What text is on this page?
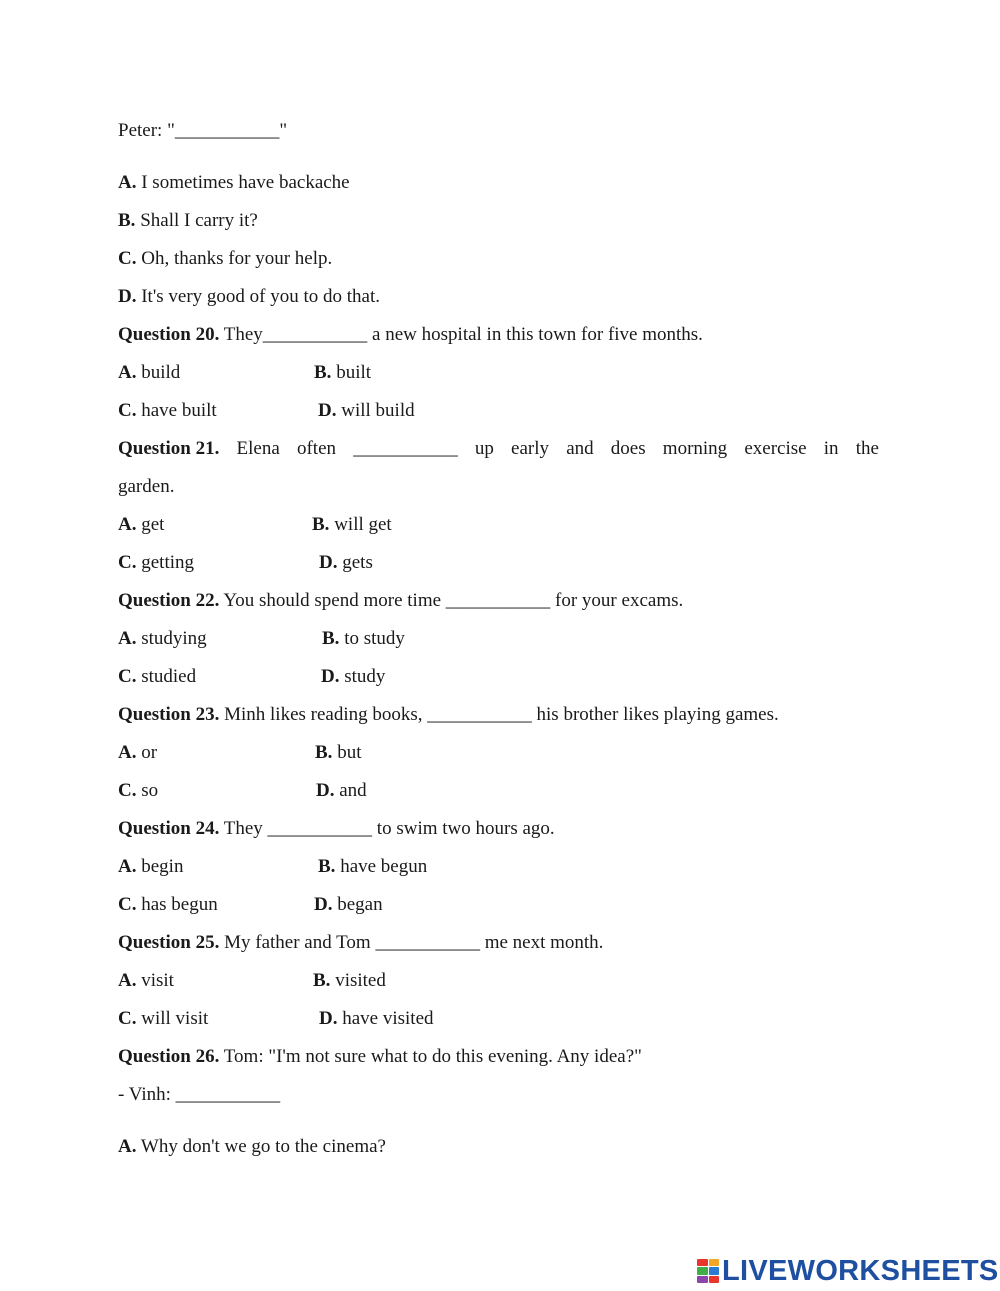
Peter: "___________"
A. I sometimes have backache
B. Shall I carry it?
C. Oh, thanks for your help.
D. It's very good of you to do that.
Question 20. They___________ a new hospital in this town for five months.
A. build	B. built
C. have built	D. will build
Question 21. Elena often ___________ up early and does morning exercise in the
garden.
A. get	B. will get
C. getting	D. gets
Question 22. You should spend more time ___________ for your excams.
A. studying	B. to study
C. studied	D. study
Question 23. Minh likes reading books, ___________ his brother likes playing games.
A. or	B. but
C. so	D. and
Question 24. They ___________ to swim two hours ago.
A. begin	B. have begun
C. has begun	D. began
Question 25. My father and Tom ___________ me next month.
A. visit	B. visited
C. will visit	D. have visited
Question 26. Tom: "I'm not sure what to do this evening. Any idea?"
- Vinh: ___________
A. Why don't we go to the cinema?
LIVEWORKSHEETS
